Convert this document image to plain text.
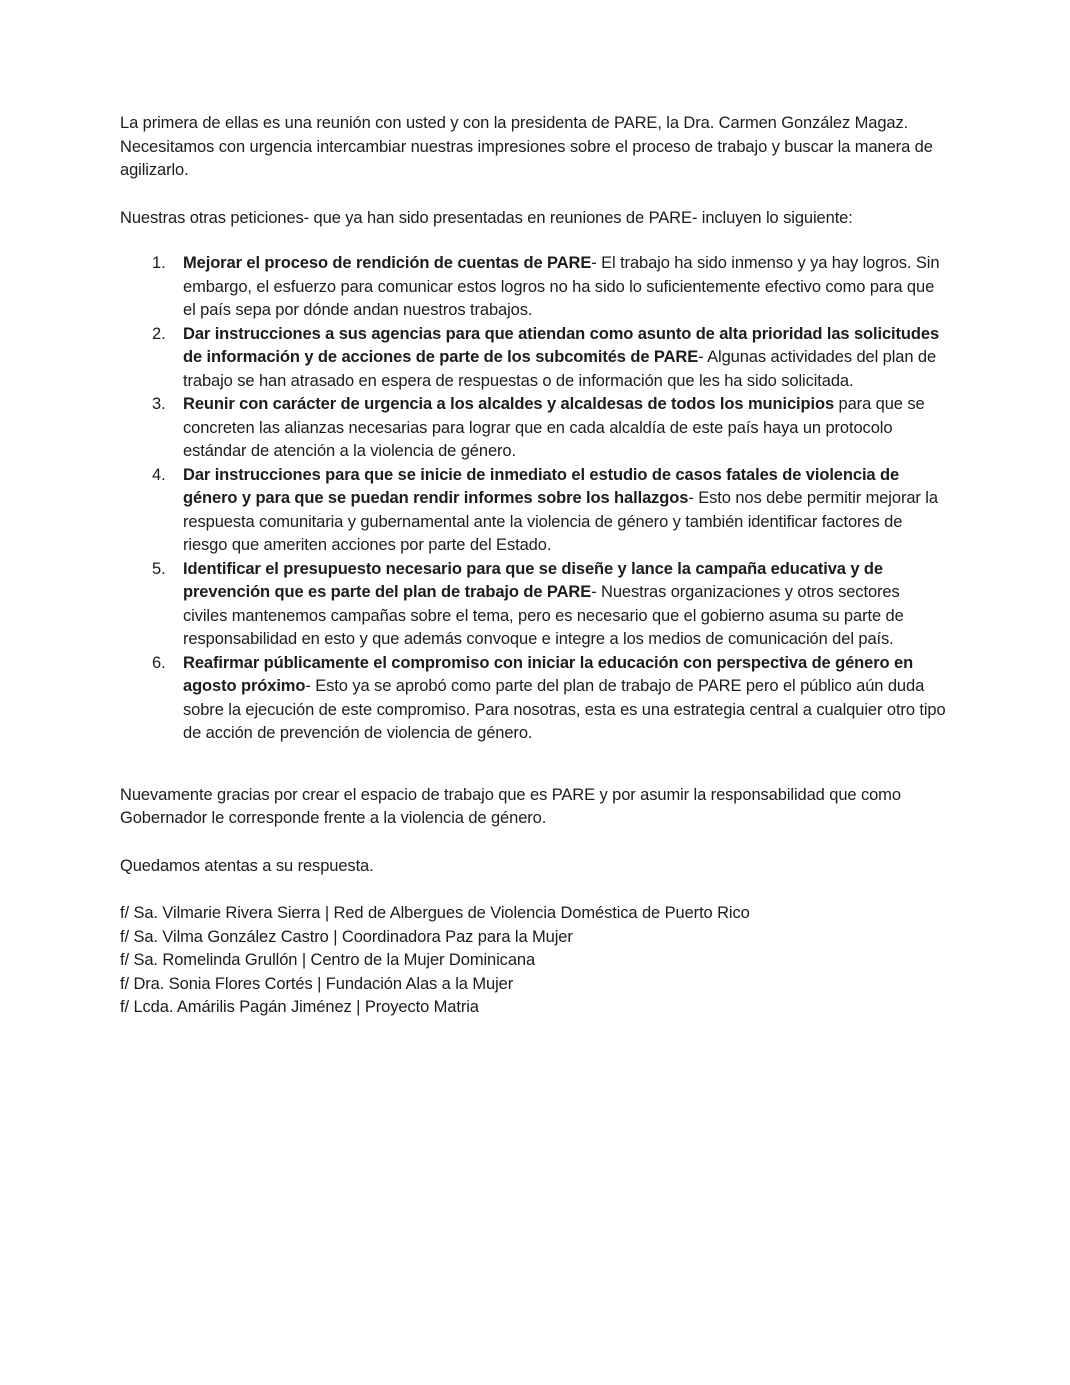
La primera de ellas es una reunión con usted y con la presidenta de PARE, la Dra. Carmen González Magaz. Necesitamos con urgencia intercambiar nuestras impresiones sobre el proceso de trabajo y buscar la manera de agilizarlo.

Nuestras otras peticiones- que ya han sido presentadas en reuniones de PARE- incluyen lo siguiente:

1.	Mejorar el proceso de rendición de cuentas de PARE- El trabajo ha sido inmenso y ya hay logros. Sin embargo, el esfuerzo para comunicar estos logros no ha sido lo suficientemente efectivo como para que el país sepa por dónde andan nuestros trabajos.

2.	Dar instrucciones a sus agencias para que atiendan como asunto de alta prioridad las solicitudes de información y de acciones de parte de los subcomités de PARE- Algunas actividades del plan de trabajo se han atrasado en espera de respuestas o de información que les ha sido solicitada.

3.	Reunir con carácter de urgencia a los alcaldes y alcaldesas de todos los municipios para que se concreten las alianzas necesarias para lograr que en cada alcaldía de este país haya un protocolo estándar de atención a la violencia de género.

4.	Dar instrucciones para que se inicie de inmediato el estudio de casos fatales de violencia de género y para que se puedan rendir informes sobre los hallazgos- Esto nos debe permitir mejorar la respuesta comunitaria y gubernamental ante la violencia de género y también identificar factores de riesgo que ameriten acciones por parte del Estado.

5.	Identificar el presupuesto necesario para que se diseñe y lance la campaña educativa y de prevención que es parte del plan de trabajo de PARE- Nuestras organizaciones y otros sectores civiles mantenemos campañas sobre el tema, pero es necesario que el gobierno asuma su parte de responsabilidad en esto y que además convoque e integre a los medios de comunicación del país.

6.	Reafirmar públicamente el compromiso con iniciar la educación con perspectiva de género en agosto próximo- Esto ya se aprobó como parte del plan de trabajo de PARE pero el público aún duda sobre la ejecución de este compromiso. Para nosotras, esta es una estrategia central a cualquier otro tipo de acción de prevención de violencia de género.

Nuevamente gracias por crear el espacio de trabajo que es PARE y por asumir la responsabilidad que como Gobernador le corresponde frente a la violencia de género.

Quedamos atentas a su respuesta.

f/ Sa. Vilmarie Rivera Sierra | Red de Albergues de Violencia Doméstica de Puerto Rico

f/ Sa. Vilma González Castro | Coordinadora Paz para la Mujer

f/ Sa. Romelinda Grullón | Centro de la Mujer Dominicana

f/ Dra. Sonia Flores Cortés | Fundación Alas a la Mujer

f/ Lcda. Amárilis Pagán Jiménez | Proyecto Matria
